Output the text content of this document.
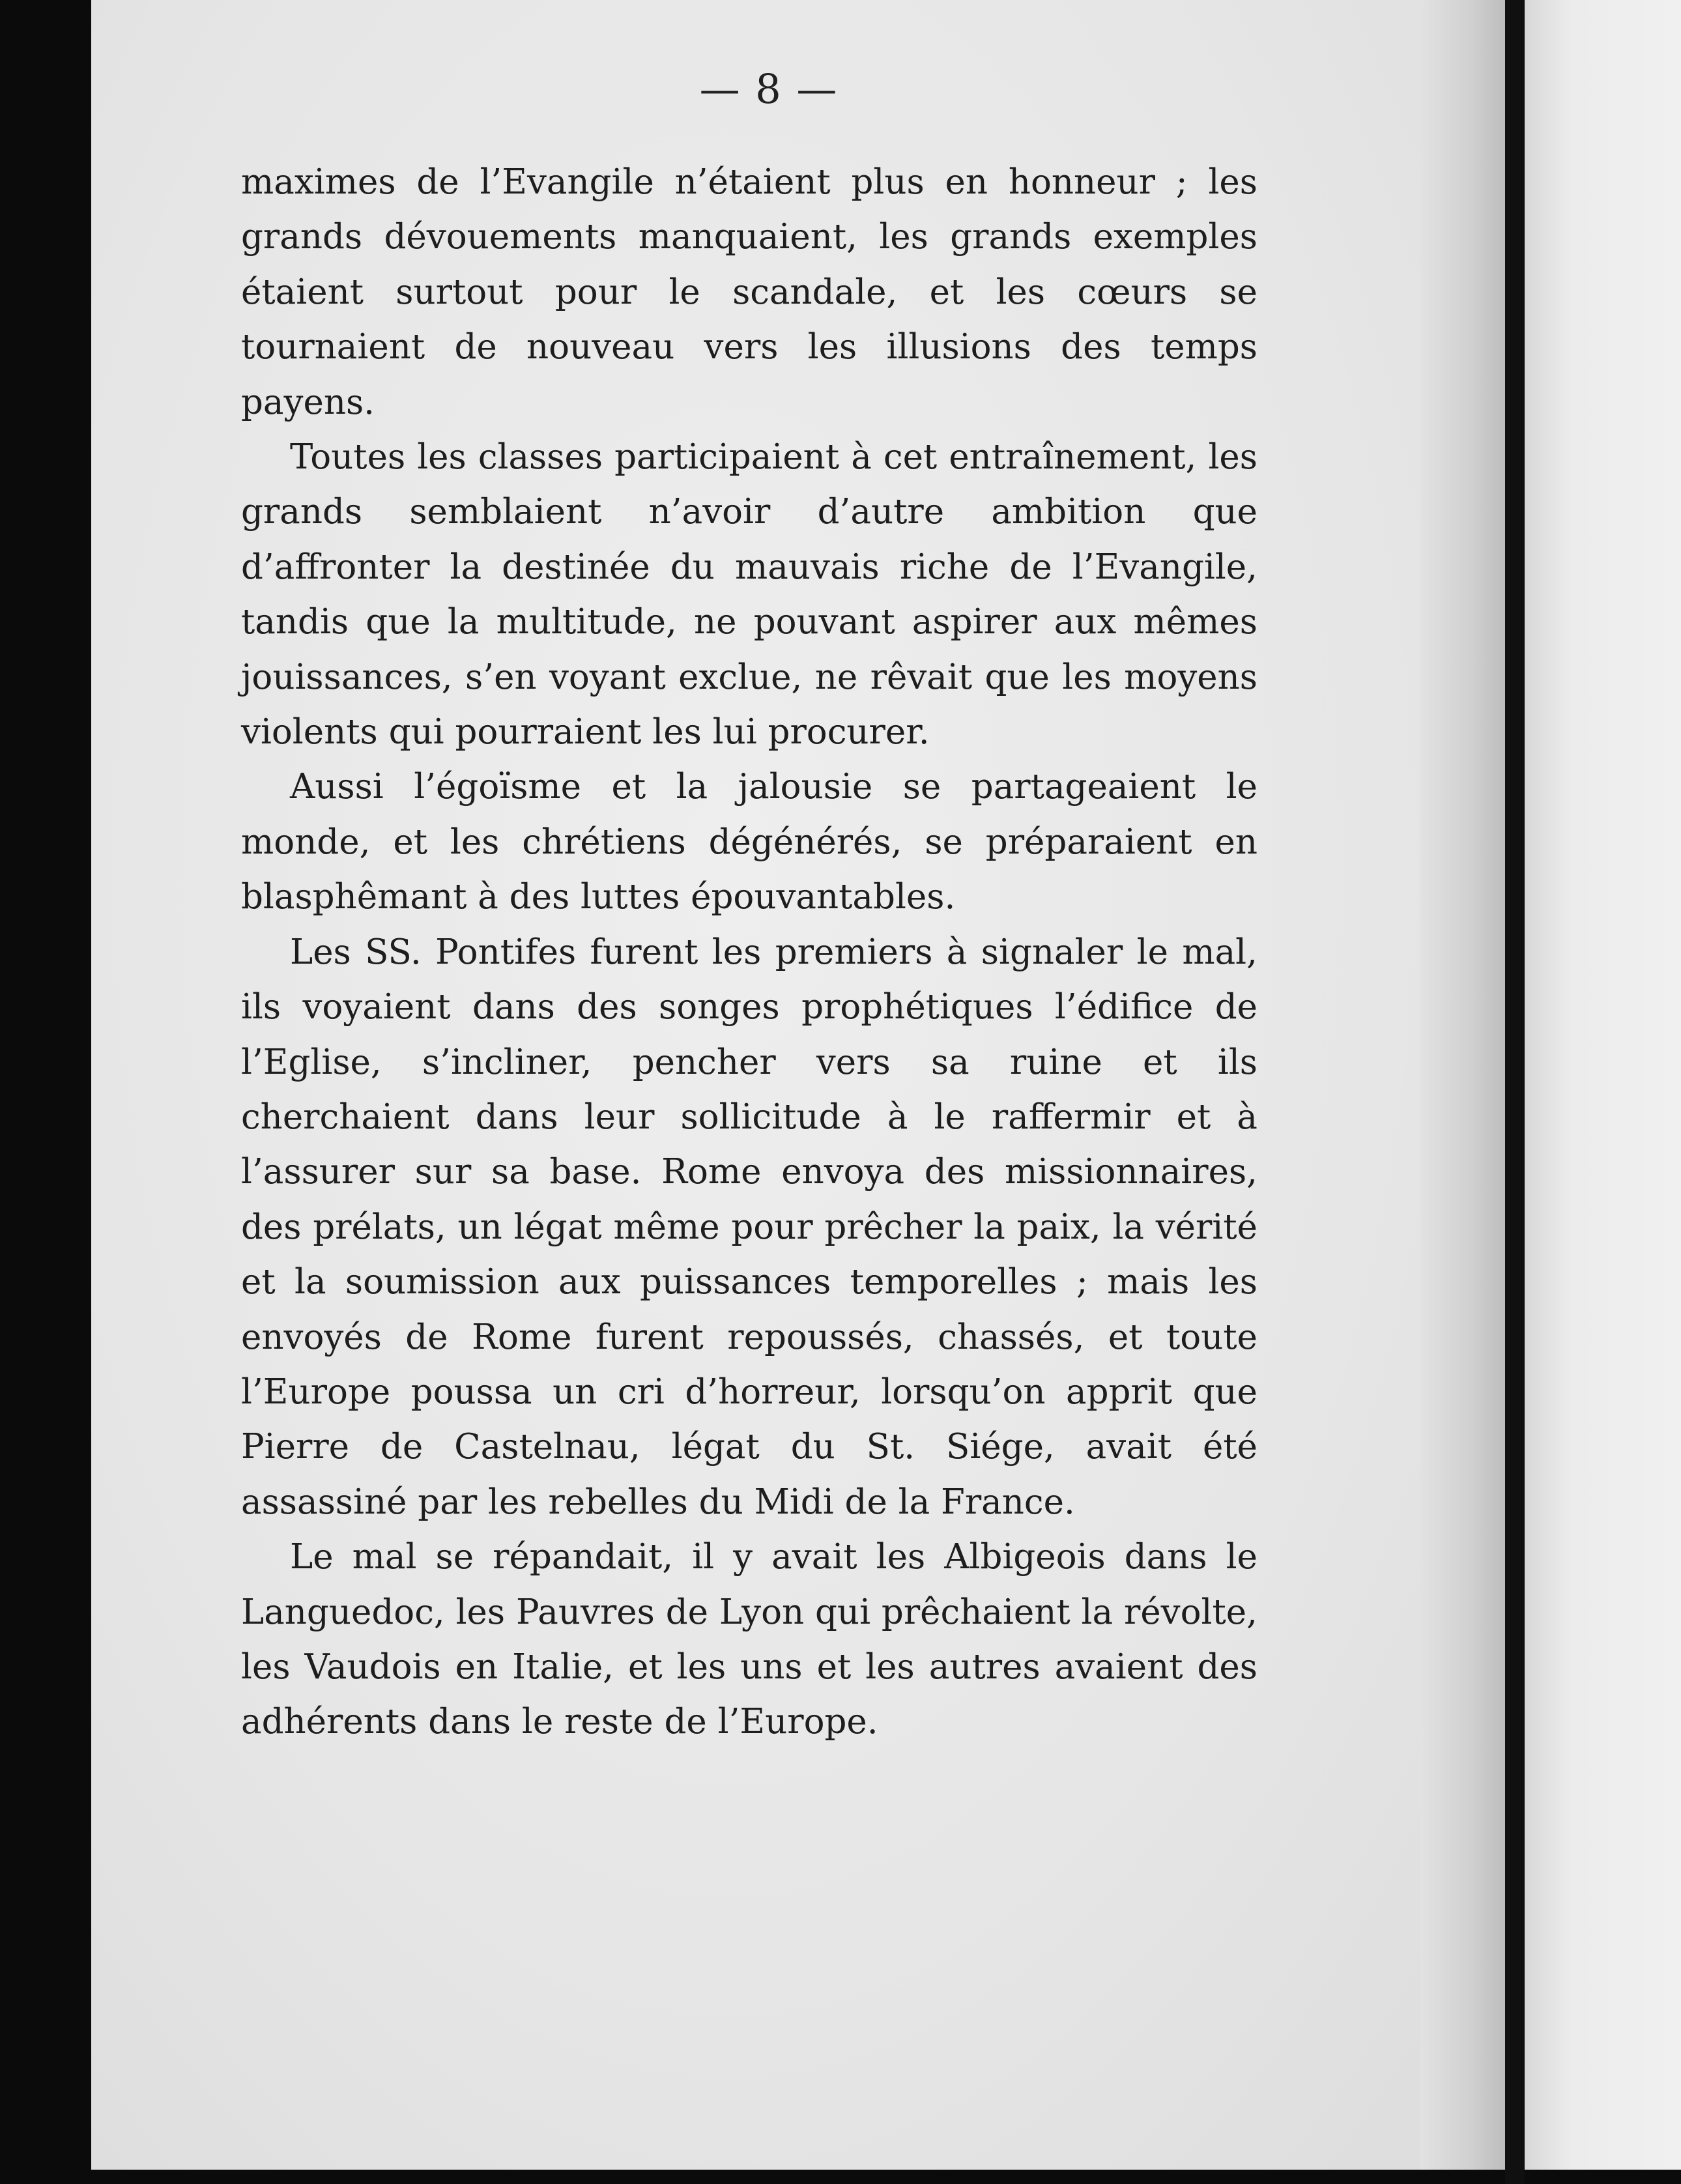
— 8 —

maximes de l’Evangile n’étaient plus en honneur ; les grands dévouements manquaient, les grands exemples étaient surtout pour le scandale, et les cœurs se tournaient de nouveau vers les illusions des temps payens.

Toutes les classes participaient à cet entraînement, les grands semblaient n’avoir d’autre ambition que d’affronter la destinée du mauvais riche de l’Evangile, tandis que la multitude, ne pouvant aspirer aux mêmes jouissances, s’en voyant exclue, ne rêvait que les moyens violents qui pourraient les lui procurer.

Aussi l’égoïsme et la jalousie se partageaient le monde, et les chrétiens dégénérés, se préparaient en blasphêmant à des luttes épouvantables.

Les SS. Pontifes furent les premiers à signaler le mal, ils voyaient dans des songes prophétiques l’édifice de l’Eglise, s’incliner, pencher vers sa ruine et ils cherchaient dans leur sollicitude à le raffermir et à l’assurer sur sa base. Rome envoya des missionnaires, des prélats, un légat même pour prêcher la paix, la vérité et la soumission aux puissances temporelles ; mais les envoyés de Rome furent repoussés, chassés, et toute l’Europe poussa un cri d’horreur, lorsqu’on apprit que Pierre de Castelnau, légat du St. Siége, avait été assassiné par les rebelles du Midi de la France.

Le mal se répandait, il y avait les Albigeois dans le Languedoc, les Pauvres de Lyon qui prêchaient la révolte, les Vaudois en Italie, et les uns et les autres avaient des adhérents dans le reste de l’Europe.
